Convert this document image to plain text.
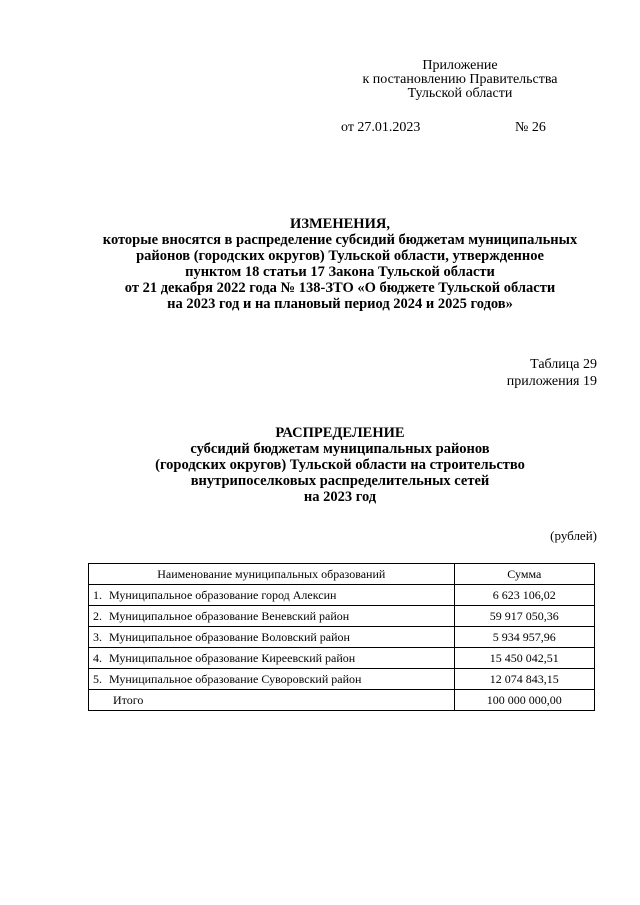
Приложение
к постановлению Правительства
Тульской области
от 27.01.2023	№ 26
ИЗМЕНЕНИЯ,
которые вносятся в распределение субсидий бюджетам муниципальных
районов (городских округов) Тульской области, утвержденное
пунктом 18 статьи 17 Закона Тульской области
от 21 декабря 2022 года № 138-ЗТО «О бюджете Тульской области
на 2023 год и на плановый период 2024 и 2025 годов»
Таблица 29
приложения 19
РАСПРЕДЕЛЕНИЕ
субсидий бюджетам муниципальных районов
(городских округов) Тульской области на строительство
внутрипоселковых распределительных сетей
на 2023 год
(рублей)
Наименование муниципальных образований	Сумма
1. Муниципальное образование город Алексин	6 623 106,02
2. Муниципальное образование Веневский район	59 917 050,36
3. Муниципальное образование Воловский район	5 934 957,96
4. Муниципальное образование Киреевский район	15 450 042,51
5. Муниципальное образование Суворовский район	12 074 843,15
Итого	100 000 000,00
